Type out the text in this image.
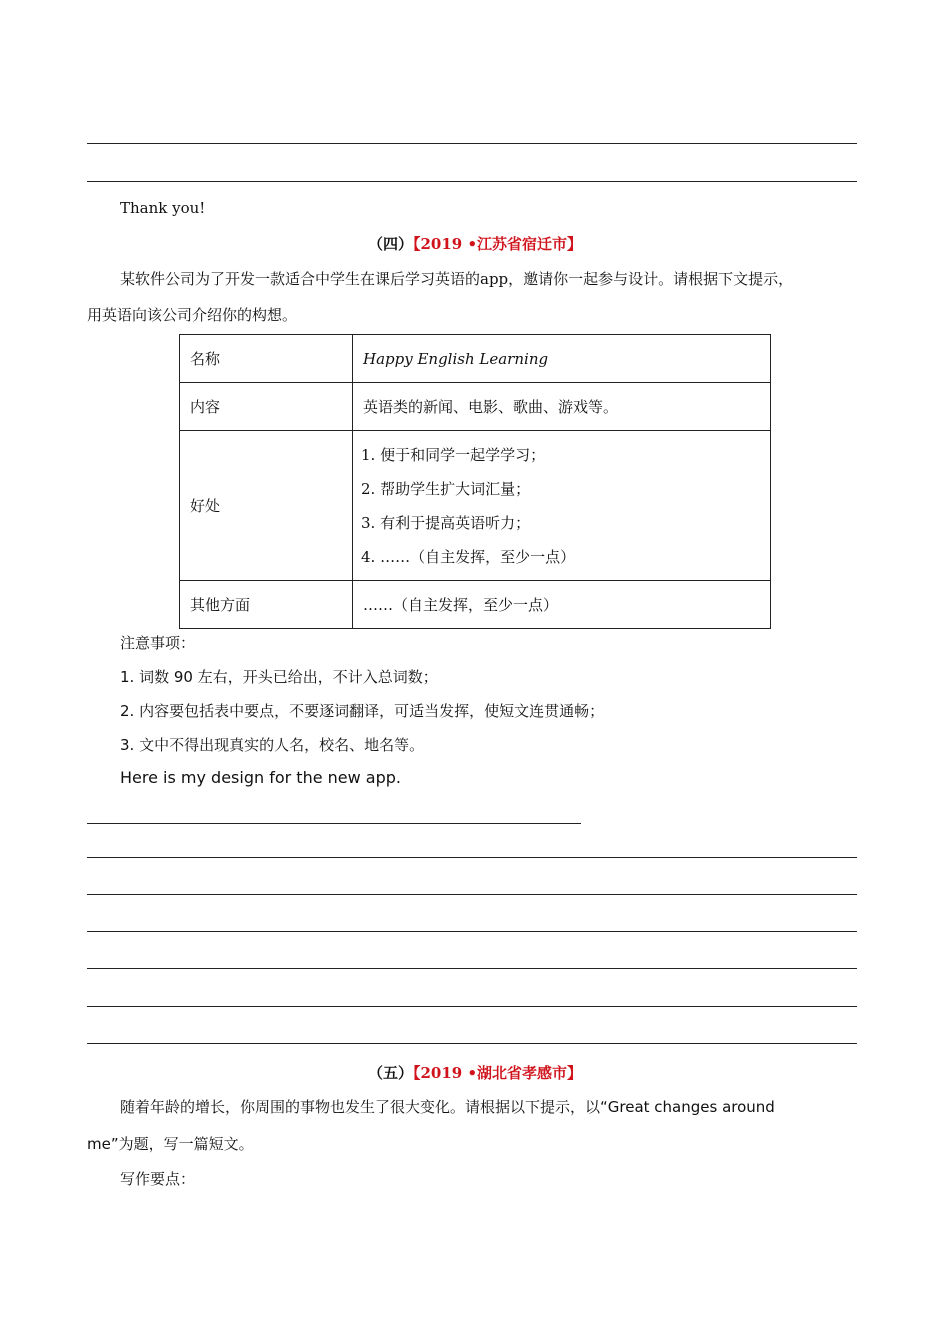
Thank you!
（四）【2019 •江苏省宿迁市】
某软件公司为了开发一款适合中学生在课后学习英语的app，邀请你一起参与设计。请根据下文提示，
用英语向该公司介绍你的构想。
名称	Happy English Learning
内容	英语类的新闻、电影、歌曲、游戏等。
好处	1. 便于和同学一起学学习；
2. 帮助学生扩大词汇量；
3. 有利于提高英语听力；
4. ……（自主发挥，至少一点）

其他方面	……（自主发挥，至少一点）
注意事项：
1. 词数 90 左右，开头已给出，不计入总词数；
2. 内容要包括表中要点，不要逐词翻译，可适当发挥，使短文连贯通畅；
3. 文中不得出现真实的人名，校名、地名等。
Here is my design for the new app.
（五）【2019 •湖北省孝感市】
随着年龄的增长，你周围的事物也发生了很大变化。请根据以下提示，以“Great changes around
me”为题，写一篇短文。
写作要点：
